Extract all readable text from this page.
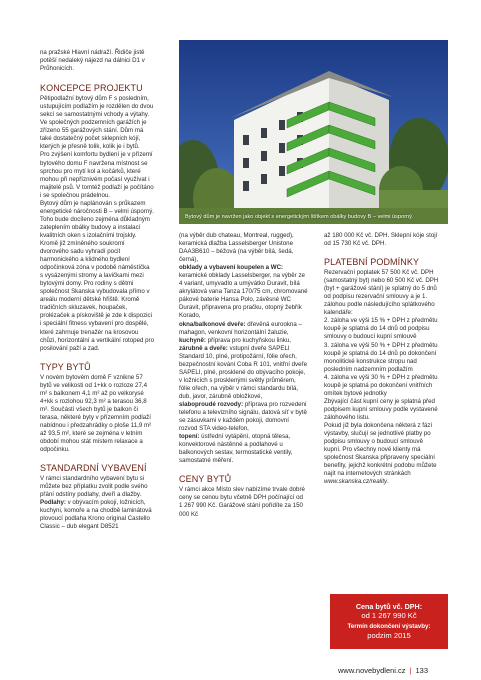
na pražské Hlavní nádraží. Řidiče jistě potěší nedaleký nájezd na dálnici D1 v Průhonicích.

KONCEPCE PROJEKTU

Pětipodlažní bytový dům F s posledním, ustupujícím podlažím je rozdělen do dvou sekcí se samostatnými vchody a výtahy. Ve společných podzemních garážích je zřízeno 55 garážových stání. Dům má také dostatečný počet sklepních kójí, kterých je přesně tolik, kolik je i bytů.

Pro zvýšení komfortu bydlení je v přízemí bytového domu F navržena místnost se sprchou pro mytí kol a kočárků, které mohou při nepříznivém počasí využívat i majitelé psů. V tomtéž podlaží je počítáno i se společnou prádelnou.

Bytový dům je naplánován s průkazem energetické náročnosti B – velmi úsporný. Toho bude docíleno zejména důkladným zateplením obálky budovy a instalací kvalitních oken s izolačními trojskly.

Kromě již zmíněného soukromí dvorového sadu vyhradí pocit harmonického a klidného bydlení odpočinková zóna v podobě náměstíčka s vysázenými stromy a lavičkami mezi bytovými domy. Pro rodiny s dětmi společnost Skanska vybudovala přímo v areálu moderní dětské hřiště. Kromě tradičních skluzavek, houpaček, prolézaček a pískoviště je zde k dispozici i speciální fitness vybavení pro dospělé, které zahrnuje trenažér na krosovou chůzi, horizontální a vertikální rotoped pro posilování paží a zad.

TYPY BYTŮ

V novém bytovém domě F vznikne 57 bytů ve velikosti od 1+kk o rozloze 27,4 m² s balkonem 4,1 m² až po velkorysé 4+kk s rozlohou 92,3 m² a terasou 36,8 m². Součástí všech bytů je balkon či terasa, některé byty v přízemním podlaží nabídnou i předzahrádky o ploše 11,9 m² až 93,5 m², které se zejména v letním období mohou stát místem relaxace a odpočinku.

STANDARDNÍ VYBAVENÍ

V rámci standardního vybavení bytu si můžete bez příplatku zvolit podle svého přání odstíny podlahy, dveří a dlažby. Podlahy: v obývacím pokoji, ložnicích, kuchyni, komoře a na chodbě laminátová plovoucí podlaha Krono original Castello Classic – dub elegant D8521

Bytový dům je navržen jako objekt s energetickým štítkem obálky budovy B – velmi úsporný.

(na výběr dub chateau, Montreal, rugged), keramická dlažba Lasselsberger Unistone DAA3B610 – béžová (na výběr bílá, šedá, černá),

obklady a vybavení koupelen a WC: keramické obklady Lasselsberger, na výběr ze 4 variant, umyvadlo a umývátko Duravit, bílá akrylátová vana Tanza 170/75 cm, chromované pákové baterie Hansa Polo, závěsné WC Duravit, připravena pro pračku, otopný žebřík Korado,

okna/balkonové dveře: dřevěná eurookna – mahagon, venkovní horizontální žaluzie,

kuchyně: příprava pro kuchyňskou linku,

zárubně a dveře: vstupní dveře SAPELI Standard 10, plné, protipožární, fólie ořech, bezpečnostní kování Coba R 101, vnitřní dveře SAPELI, plné, prosklené do obývacího pokoje, v ložnicích s prosklenými světly průměrem, fólie ořech, na výběr v rámci standardu bílá, dub, javor, zárubně obložkové,

slaboproudé rozvody: příprava pro rozvedení telefonu a televizního signálu, datová síť v bytě se zásuvkami v každém pokoji, domovní rozvod STA video-telefon,

topení: ústřední vytápění, otopná tělesa, konvektorové nástěnné a podlahové u balkonových sestav, termostatické ventily, samostatné měření.

CENY BYTŮ

V rámci akce Místo slev nabízíme trvale dobré ceny se cenou bytu včetně DPH počínající od 1 267 990 Kč. Garážové stání pořídíte za 150 000 Kč

až 180 000 Kč vč. DPH. Sklepní kóje stojí od 15 730 Kč vč. DPH.

PLATEBNÍ PODMÍNKY

Rezervační poplatek 57 500 Kč vč. DPH (samostatný byt) nebo 60 500 Kč vč. DPH (byt + garážové stání) je splatný do 5 dnů od podpisu rezervační smlouvy a je 1. zálohou podle následujícího splátkového kalendáře:

2. záloha ve výši 15 % + DPH z předmětu koupě je splatná do 14 dnů od podpisu smlouvy o budoucí kupní smlouvě

3. záloha ve výši 50 % + DPH z předmětu koupě je splatná do 14 dnů po dokončení monolitické konstrukce stropu nad posledním nadzemním podlažím

4. záloha ve výši 30 % + DPH z předmětu koupě je splatná po dokončení vnitřních omítek bytové jednotky

Zbývající část kupní ceny je splatná před podpisem kupní smlouvy podle vystavené zálohového listu.

Pokud již byla dokončena některá z fází výstavby, slučují se jednotlivé platby po podpisu smlouvy o budoucí smlouvě kupní. Pro všechny nové klienty má společnost Skanska připraveny speciální benefity, jejichž konkrétní podobu můžete najít na internetových stránkách www.skanska.cz/reality.

Cena bytů vč. DPH:
od 1 267 990 Kč
Termín dokončení výstavby:
podzim 2015
www.novebydleni.cz | 133
